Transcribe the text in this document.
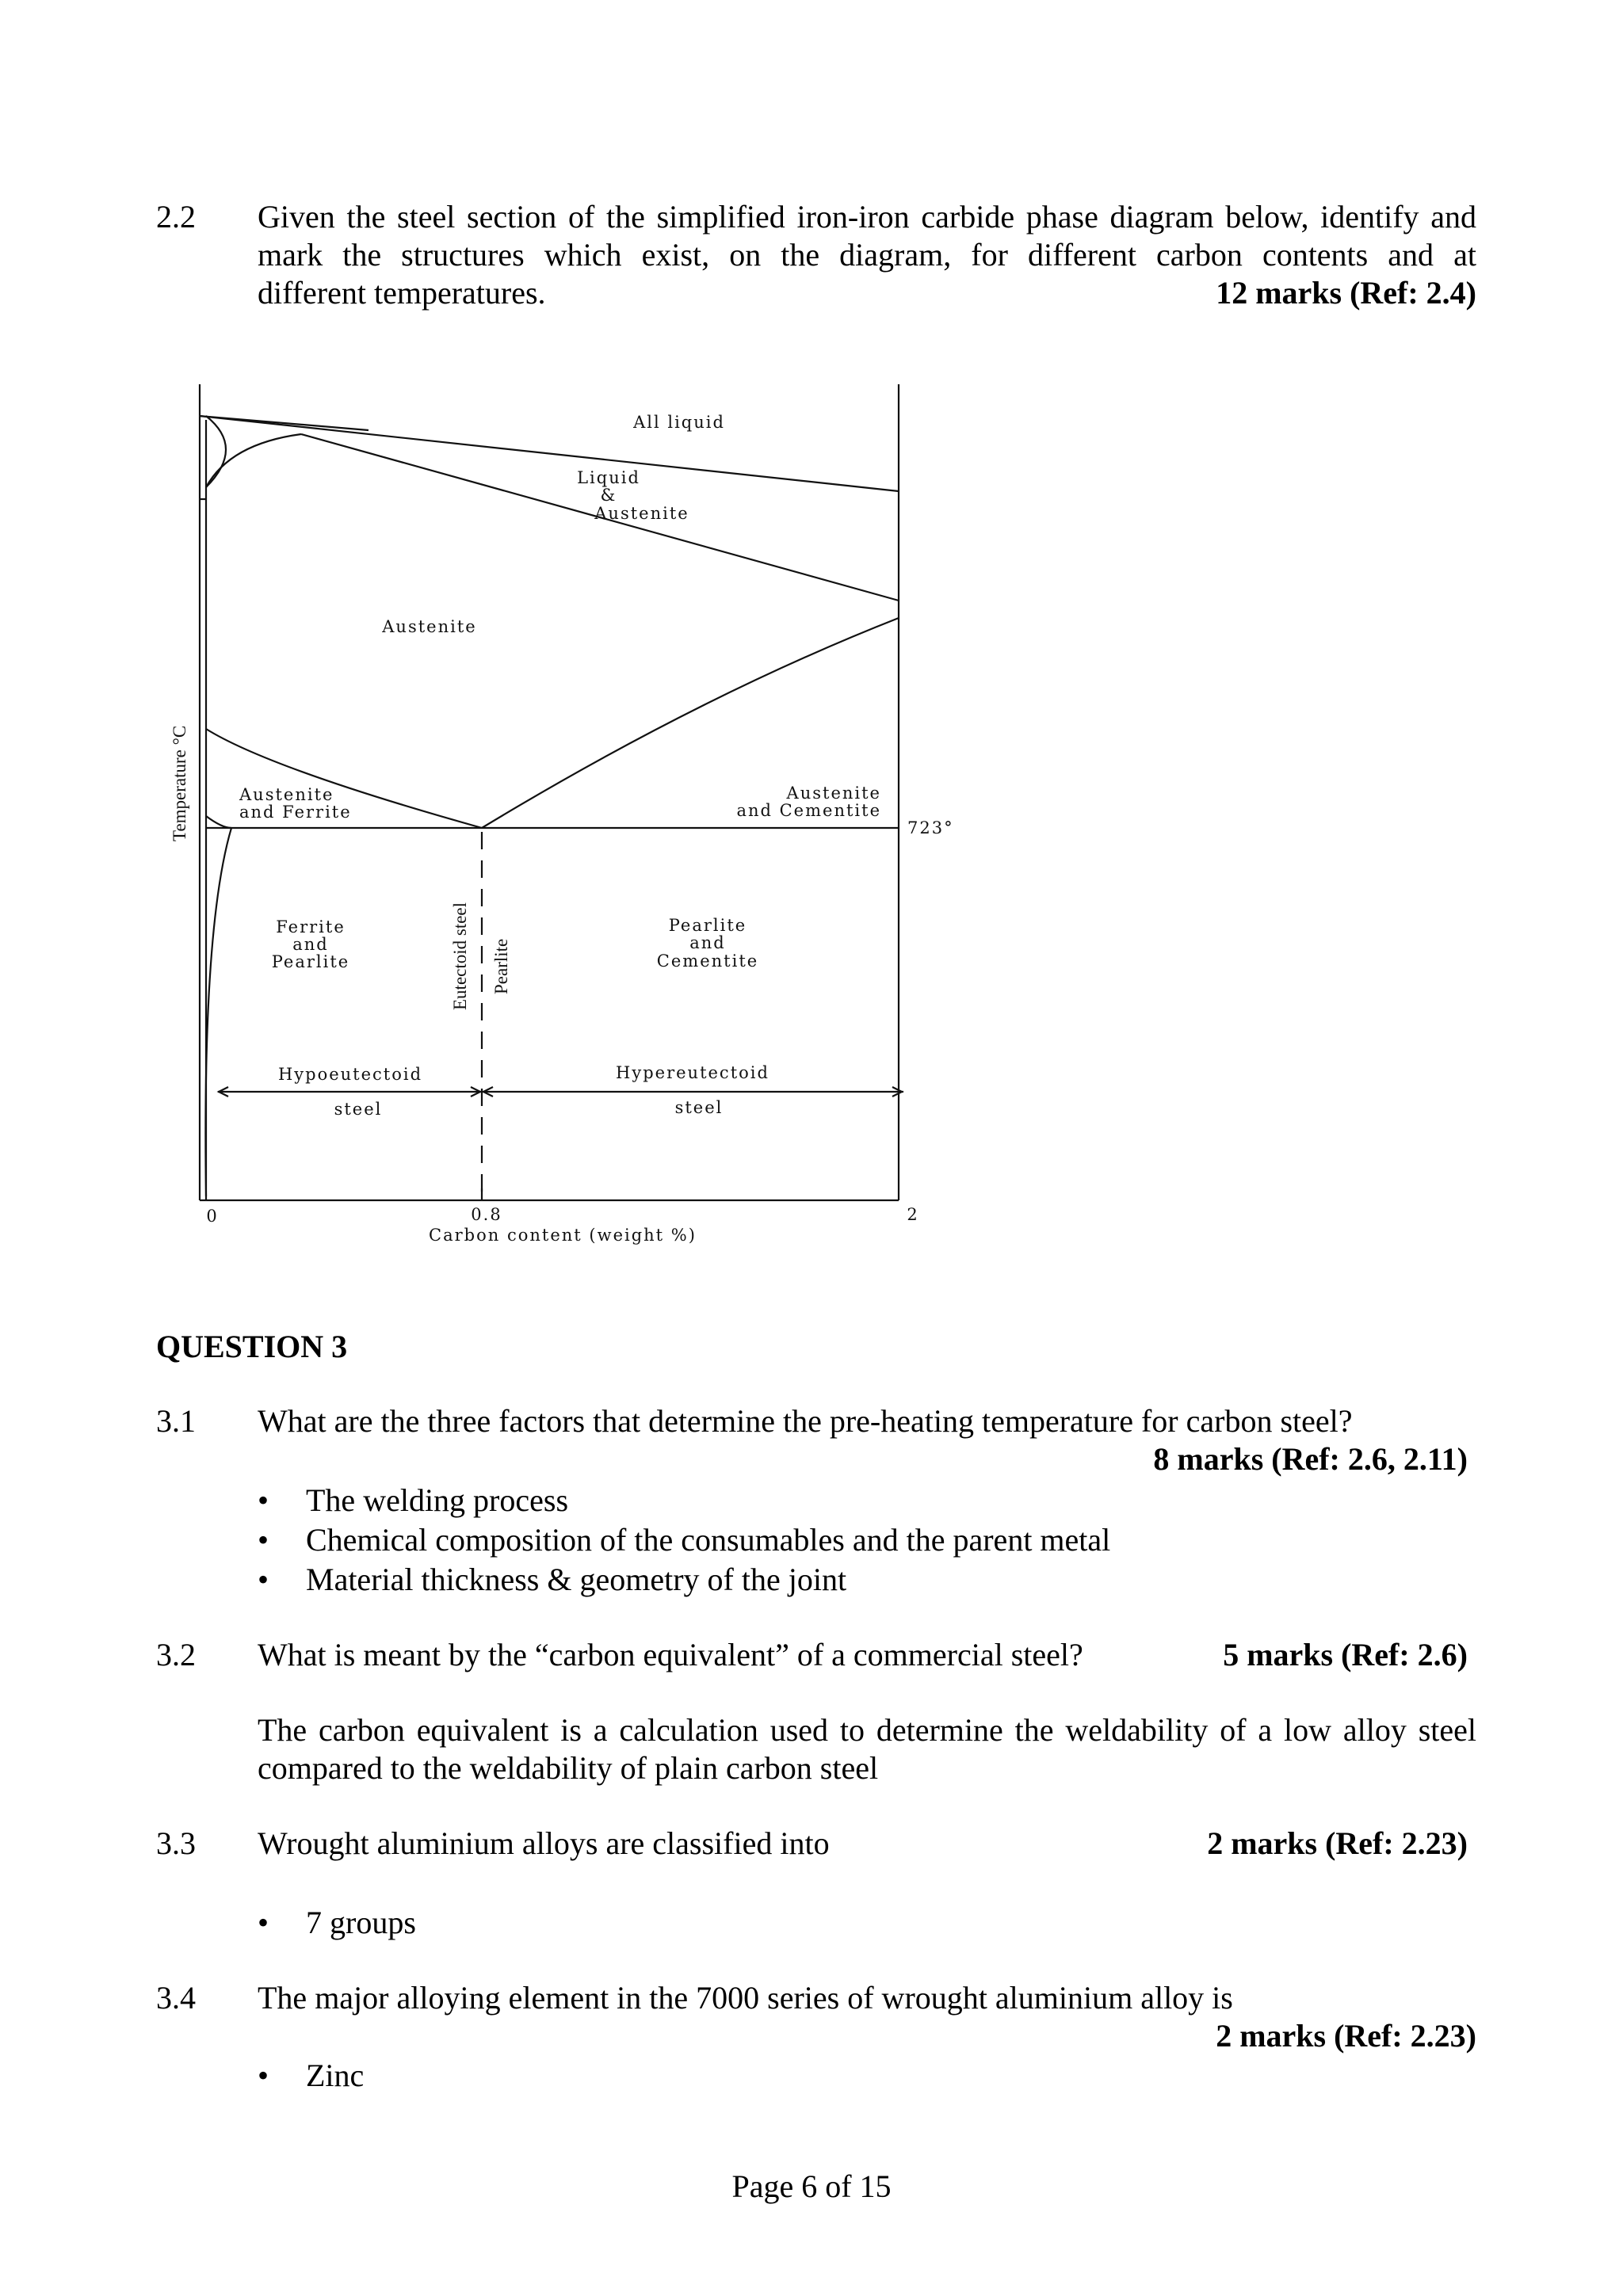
2.2 Given the steel section of the simplified iron-iron carbide phase diagram below, identify and
mark the structures which exist, on the diagram, for different carbon contents and at
different temperatures.	12 marks (Ref: 2.4)
All liquid
Liquid
&
Austenite
Austenite
Austenite
and Ferrite
Austenite
and Cementite
723°
Ferrite
and
Pearlite
Pearlite
and
Cementite
Eutectoid steel Pearlite
Hypoeutectoid
steel
Hypereutectoid
steel
Temperature °C
0	0.8	2
Carbon content (weight %)
QUESTION 3
3.1 What are the three factors that determine the pre-heating temperature for carbon steel?
8 marks (Ref: 2.6, 2.11)
• The welding process
• Chemical composition of the consumables and the parent metal
• Material thickness & geometry of the joint
3.2 What is meant by the “carbon equivalent” of a commercial steel?	5 marks (Ref: 2.6)
The carbon equivalent is a calculation used to determine the weldability of a low alloy steel
compared to the weldability of plain carbon steel
3.3 Wrought aluminium alloys are classified into	2 marks (Ref: 2.23)
• 7 groups
3.4 The major alloying element in the 7000 series of wrought aluminium alloy is
2 marks (Ref: 2.23)
• Zinc
Page 6 of 15
